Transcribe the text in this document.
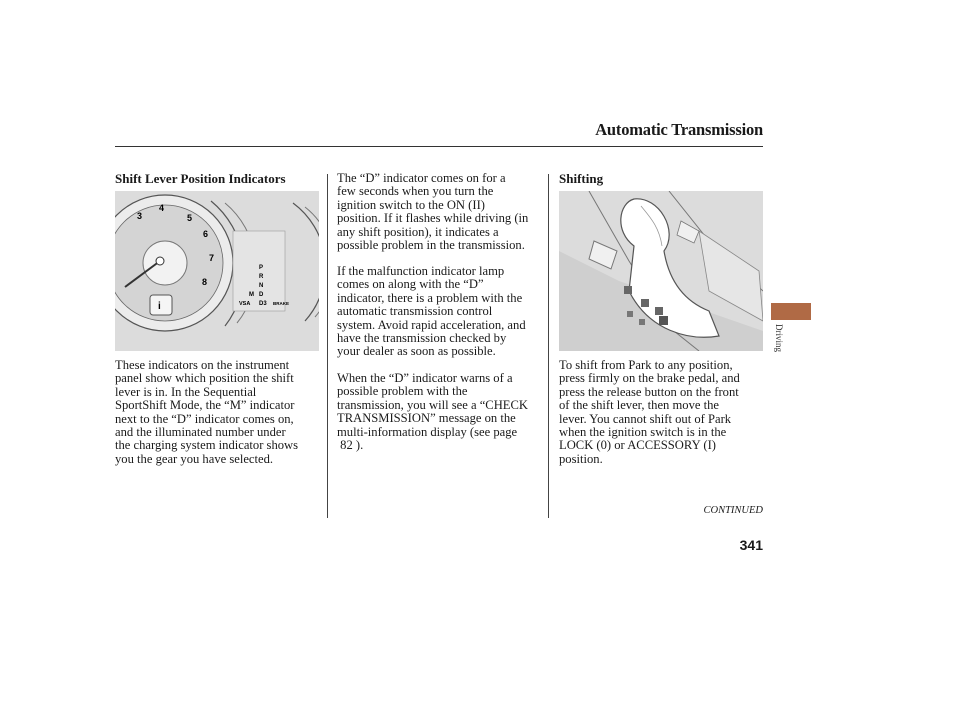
Automatic Transmission
Shift Lever Position Indicators
3
4
5
6
7
8
i
P
R
N
D
D3
M
VSA	BRAKE

These indicators on the instrument

panel show which position the shift

lever is in. In the Sequential

SportShift Mode, the “M” indicator

next to the “D” indicator comes on,

and the illuminated number under

the charging system indicator shows

you the gear you have selected.

The “D” indicator comes on for a

few seconds when you turn the

ignition switch to the ON (II)

position. If it flashes while driving (in

any shift position), it indicates a

possible problem in the transmission.

If the malfunction indicator lamp

comes on along with the “D”

indicator, there is a problem with the

automatic transmission control

system. Avoid rapid acceleration, and

have the transmission checked by

your dealer as soon as possible.

When the “D” indicator warns of a

possible problem with the

transmission, you will see a “CHECK

TRANSMISSION” message on the

multi-information display (see page

82 ).

Shifting

To shift from Park to any position,

press firmly on the brake pedal, and

press the release button on the front

of the shift lever, then move the

lever. You cannot shift out of Park

when the ignition switch is in the

LOCK (0) or ACCESSORY (I)

position.

Driving
CONTINUED
341
